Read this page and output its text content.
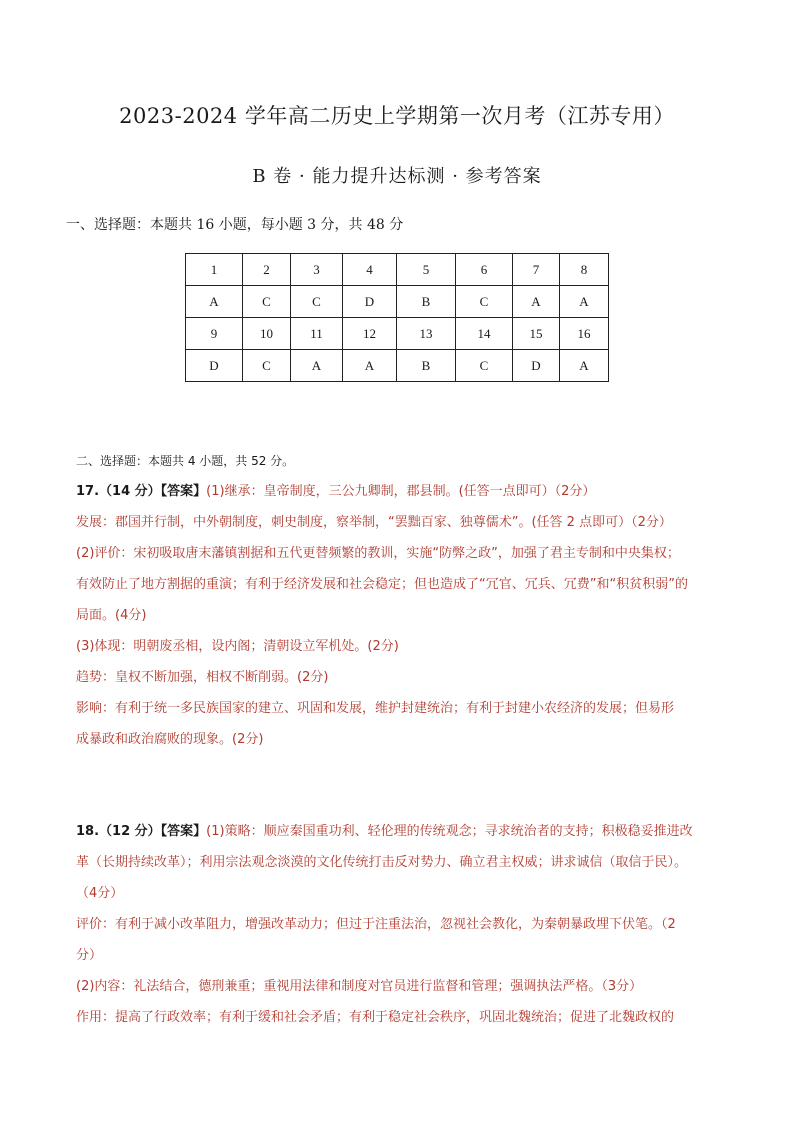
2023-2024 学年高二历史上学期第一次月考（江苏专用）
B 卷 · 能力提升达标测 · 参考答案
一、选择题：本题共 16 小题，每小题 3 分，共 48 分
1	2	3	4	5	6	7	8
A	C	C	D	B	C	A	A
9	10	11	12	13	14	15	16
D	C	A	A	B	C	D	A
二、选择题：本题共 4 小题，共 52 分。

17.（14 分）【答案】(1)继承：皇帝制度，三公九卿制，郡县制。(任答一点即可）（2分）

发展：郡国并行制，中外朝制度，刺史制度，察举制，“罢黜百家、独尊儒术”。(任答 2 点即可）（2分）

(2)评价：宋初吸取唐末藩镇割据和五代更替频繁的教训，实施“防弊之政”，加强了君主专制和中央集权；

有效防止了地方割据的重演；有利于经济发展和社会稳定；但也造成了“冗官、冗兵、冗费”和“积贫积弱”的

局面。(4分)

(3)体现：明朝废丞相，设内阁；清朝设立军机处。(2分)

趋势：皇权不断加强，相权不断削弱。(2分)

影响：有利于统一多民族国家的建立、巩固和发展，维护封建统治；有利于封建小农经济的发展；但易形

成暴政和政治腐败的现象。(2分)

18.（12 分）【答案】(1)策略：顺应秦国重功利、轻伦理的传统观念；寻求统治者的支持；积极稳妥推进改

革（长期持续改革）；利用宗法观念淡漠的文化传统打击反对势力、确立君主权威；讲求诚信（取信于民）。

（4分）

评价：有利于减小改革阻力，增强改革动力；但过于注重法治，忽视社会教化，为秦朝暴政埋下伏笔。（2

分）

(2)内容：礼法结合，德刑兼重；重视用法律和制度对官员进行监督和管理；强调执法严格。（3分）

作用：提高了行政效率；有利于缓和社会矛盾；有利于稳定社会秩序，巩固北魏统治；促进了北魏政权的
